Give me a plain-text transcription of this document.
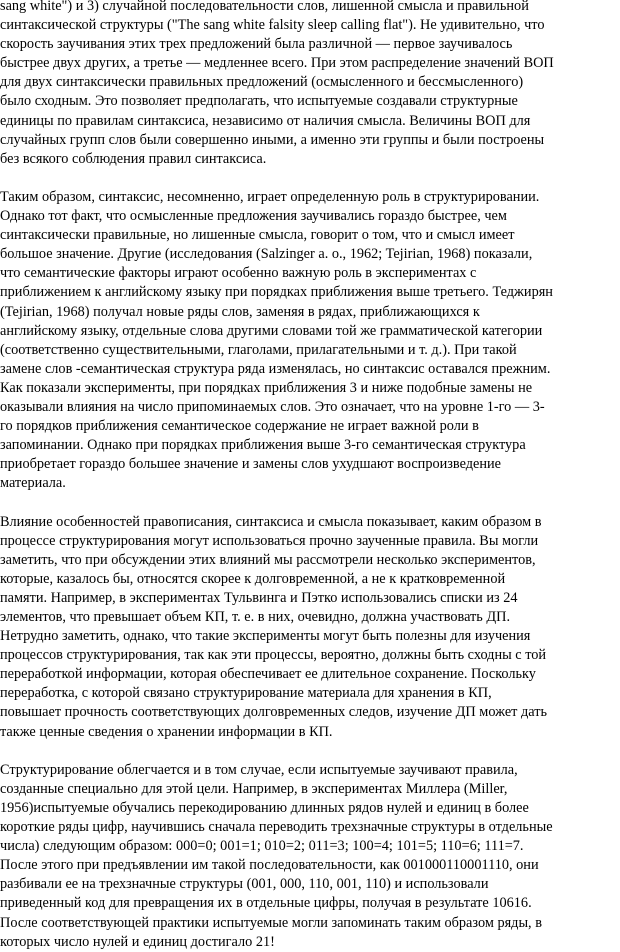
sang white") и 3) случайной последовательности слов, лишенной смысла и правильной
синтаксической структуры ("The sang white falsity sleep calling flat"). Не удивительно, что
скорость заучивания этих трех предложений была различной — первое заучивалось
быстрее двух других, а третье — медленнее всего. При этом распределение значений ВОП
для двух синтаксически правильных предложений (осмысленного и бессмысленного)
было сходным. Это позволяет предполагать, что испытуемые создавали структурные
единицы по правилам синтаксиса, независимо от наличия смысла. Величины ВОП для
случайных групп слов были совершенно иными, а именно эти группы и были построены
без всякого соблюдения правил синтаксиса.

Таким образом, синтаксис, несомненно, играет определенную роль в структурировании.
Однако тот факт, что осмысленные предложения заучивались гораздо быстрее, чем
синтаксически правильные, но лишенные смысла, говорит о том, что и смысл имеет
большое значение. Другие (исследования (Salzinger a. o., 1962; Tejirian, 1968) показали,
что семантические факторы играют особенно важную роль в экспериментах с
приближением к английскому языку при порядках приближения выше третьего. Теджирян
(Tejirian, 1968) получал новые ряды слов, заменяя в рядах, приближающихся к
английскому языку, отдельные слова другими словами той же грамматической категории
(соответственно существительными, глаголами, прилагательными и т. д.). При такой
замене слов -семантическая структура ряда изменялась, но синтаксис оставался прежним.
Как показали эксперименты, при порядках приближения 3 и ниже подобные замены не
оказывали влияния на число припоминаемых слов. Это означает, что на уровне 1-го — 3-
го порядков приближения семантическое содержание не играет важной роли в
запоминании. Однако при порядках приближения выше 3-го семантическая структура
приобретает гораздо большее значение и замены слов ухудшают воспроизведение
материала.

Влияние особенностей правописания, синтаксиса и смысла показывает, каким образом в
процессе структурирования могут использоваться прочно заученные правила. Вы могли
заметить, что при обсуждении этих влияний мы рассмотрели несколько экспериментов,
которые, казалось бы, относятся скорее к долговременной, а не к кратковременной
памяти. Например, в экспериментах Тульвинга и Пэтко использовались списки из 24
элементов, что превышает объем КП, т. е. в них, очевидно, должна участвовать ДП.
Нетрудно заметить, однако, что такие эксперименты могут быть полезны для изучения
процессов структурирования, так как эти процессы, вероятно, должны быть сходны с той
переработкой информации, которая обеспечивает ее длительное сохранение. Поскольку
переработка, с которой связано структурирование материала для хранения в КП,
повышает прочность соответствующих долговременных следов, изучение ДП может дать
также ценные сведения о хранении информации в КП.

Структурирование облегчается и в том случае, если испытуемые заучивают правила,
созданные специально для этой цели. Например, в экспериментах Миллера (Miller,
1956)испытуемые обучались перекодированию длинных рядов нулей и единиц в более
короткие ряды цифр, научившись сначала переводить трехзначные структуры в отдельные
числа) следующим образом: 000=0; 001=1; 010=2; 011=3; 100=4; 101=5; 110=6; 111=7.
После этого при предъявлении им такой последовательности, как 001000110001110, они
разбивали ее на трехзначные структуры (001, 000, 110, 001, 110) и использовали
приведенный код для превращения их в отдельные цифры, получая в результате 10616.
После соответствующей практики испытуемые могли запоминать таким образом ряды, в
которых число нулей и единиц достигало 21!
